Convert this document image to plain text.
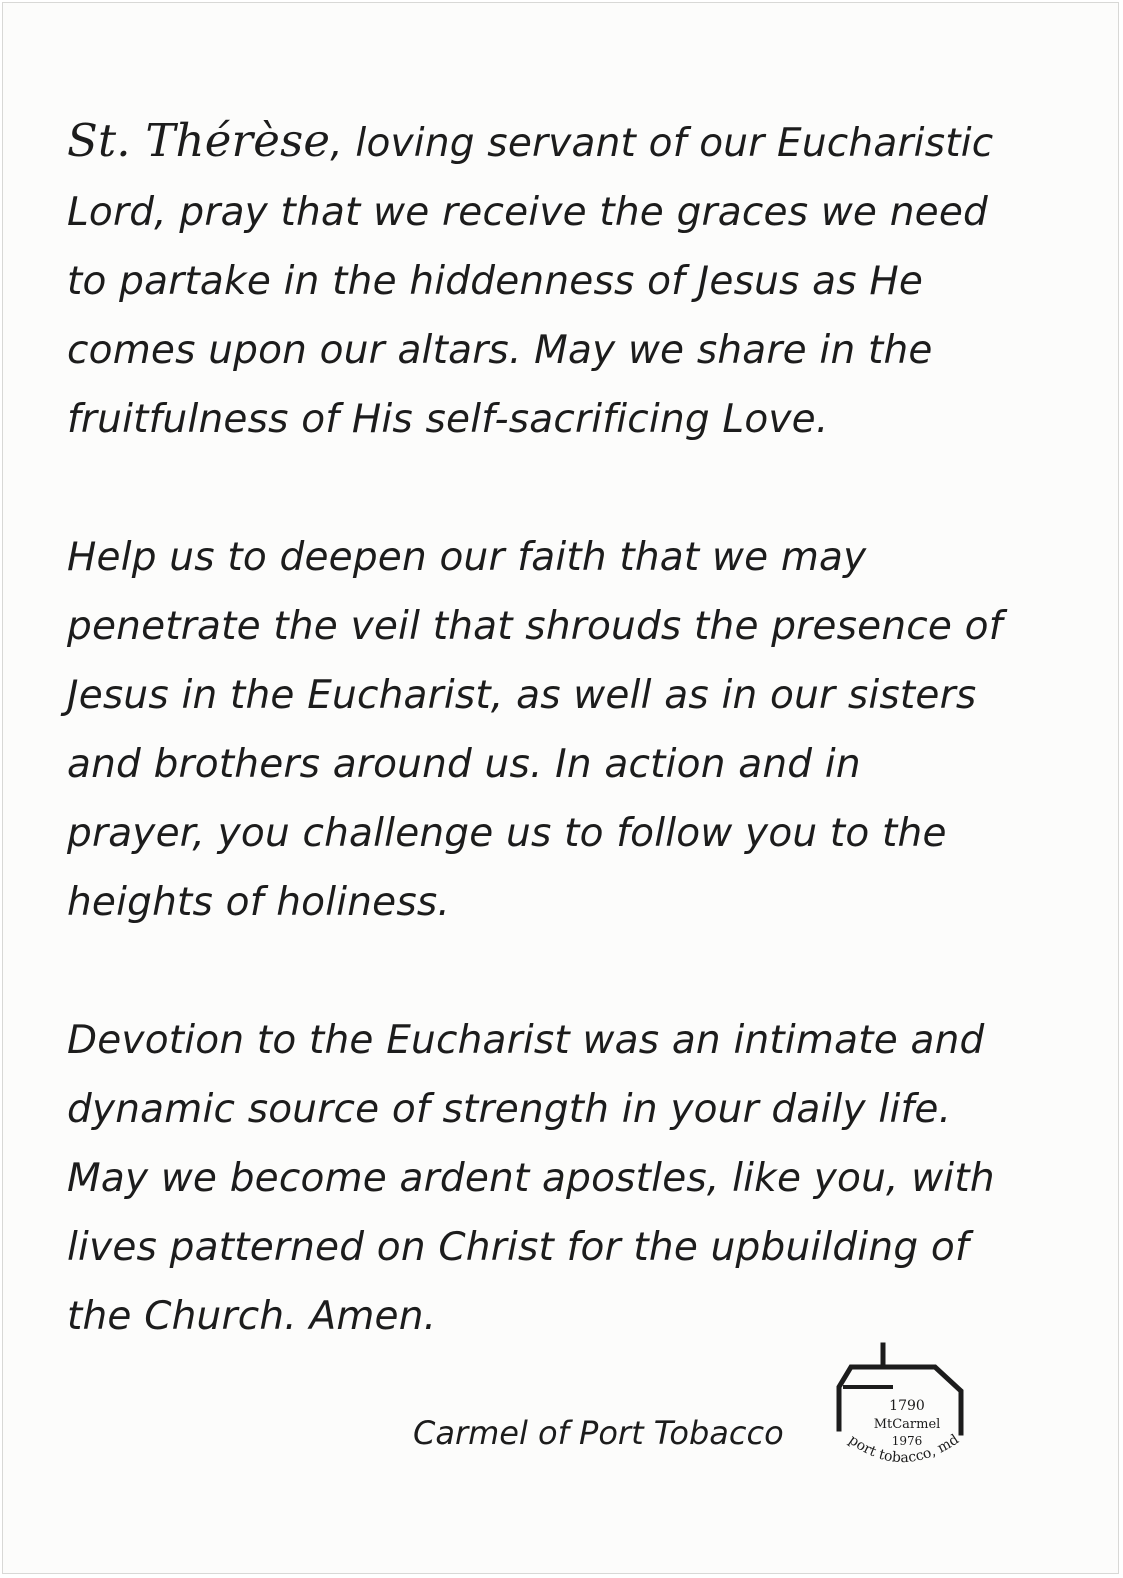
St. Thérèse, loving servant of our Eucharistic
Lord, pray that we receive the graces we need
to partake in the hiddenness of Jesus as He
comes upon our altars. May we share in the
fruitfulness of His self-sacrificing Love.

Help us to deepen our faith that we may
penetrate the veil that shrouds the presence of
Jesus in the Eucharist, as well as in our sisters
and brothers around us. In action and in
prayer, you challenge us to follow you to the
heights of holiness.

Devotion to the Eucharist was an intimate and
dynamic source of strength in your daily life.
May we become ardent apostles, like you, with
lives patterned on Christ for the upbuilding of
the Church. Amen.

Carmel of Port Tobacco
1790
MtCarmel
1976
port tobacco, md
